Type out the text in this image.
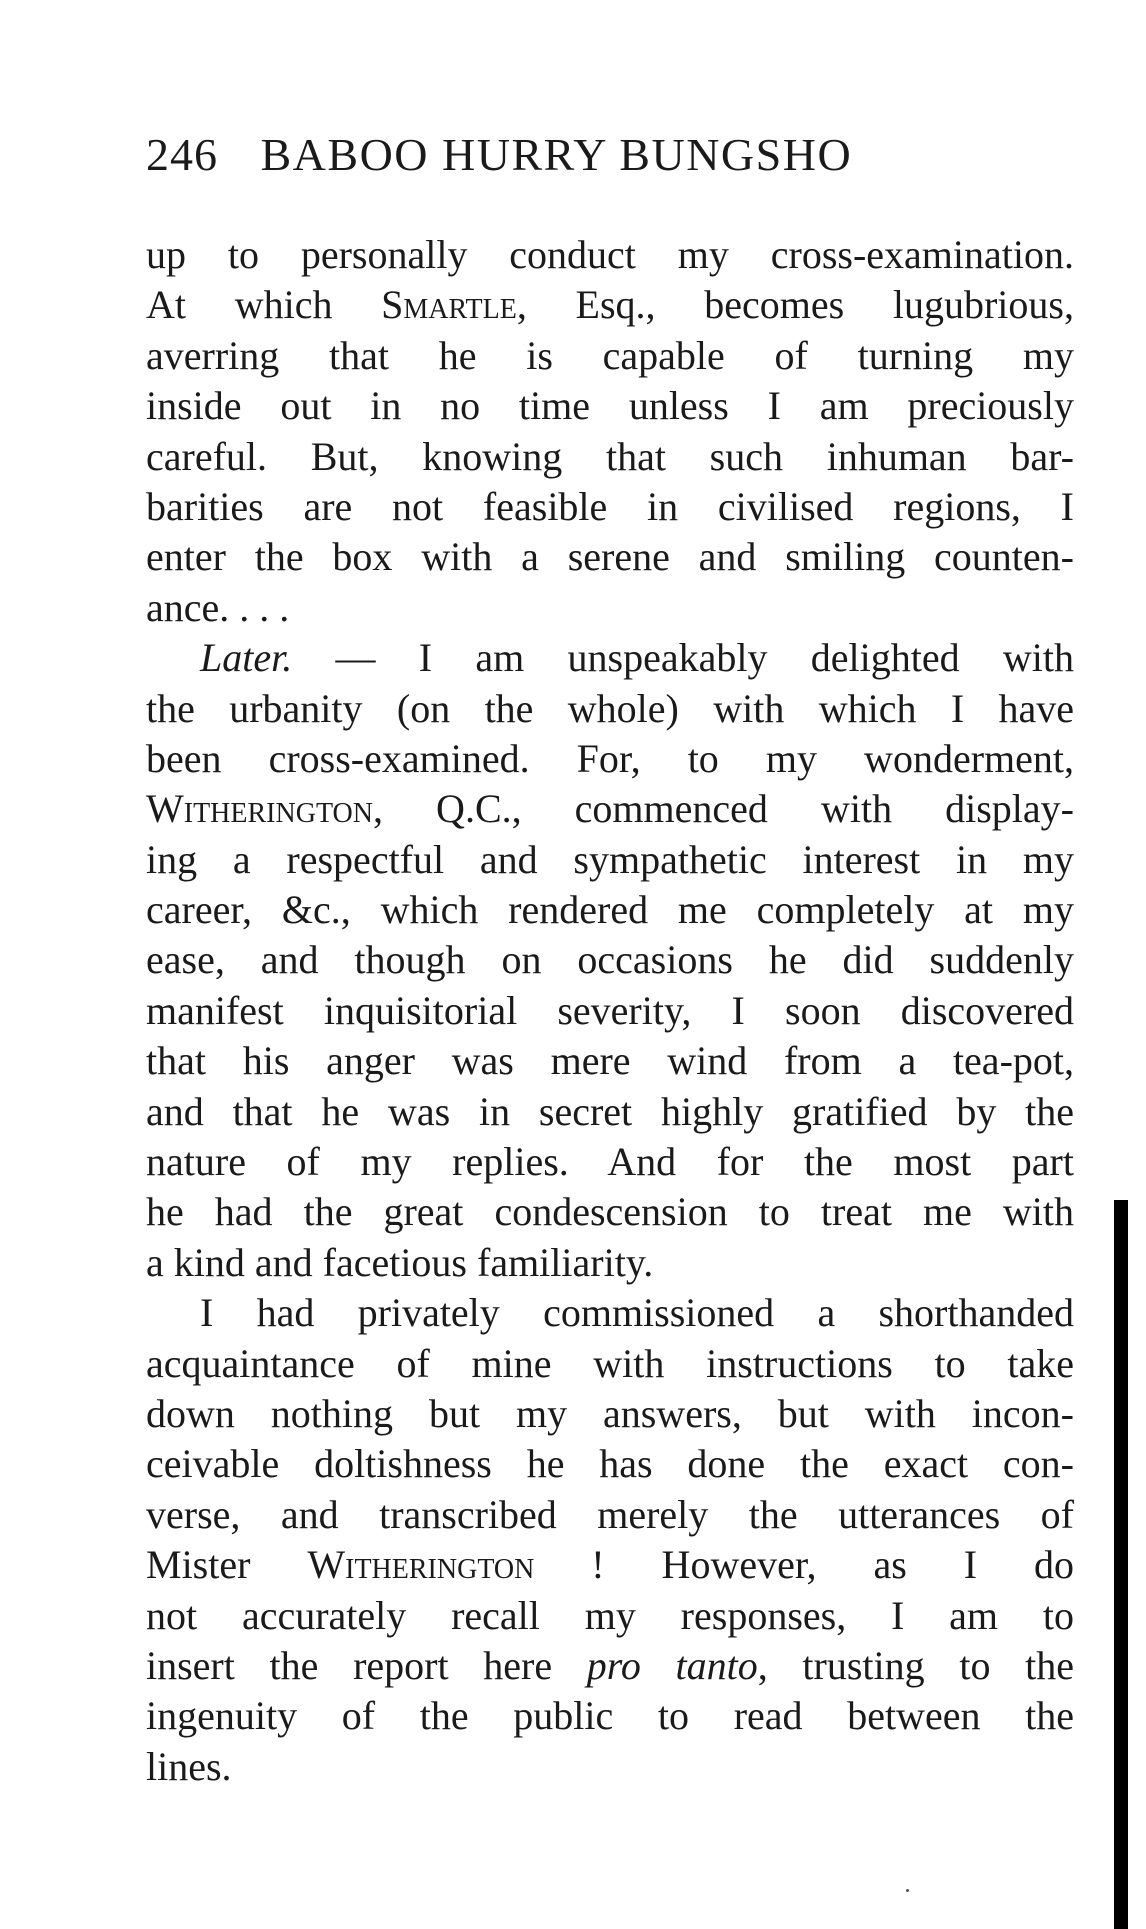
246 BABOO HURRY BUNGSHO
up to personally conduct my cross-examination.
At which Smartle, Esq., becomes lugubrious,
averring that he is capable of turning my
inside out in no time unless I am preciously
careful. But, knowing that such inhuman bar-
barities are not feasible in civilised regions, I
enter the box with a serene and smiling counten-
ance. . . .
Later. — I am unspeakably delighted with
the urbanity (on the whole) with which I have
been cross-examined. For, to my wonderment,
Witherington, Q.C., commenced with display-
ing a respectful and sympathetic interest in my
career, &c., which rendered me completely at my
ease, and though on occasions he did suddenly
manifest inquisitorial severity, I soon discovered
that his anger was mere wind from a tea-pot,
and that he was in secret highly gratified by the
nature of my replies. And for the most part
he had the great condescension to treat me with
a kind and facetious familiarity.
I had privately commissioned a shorthanded
acquaintance of mine with instructions to take
down nothing but my answers, but with incon-
ceivable doltishness he has done the exact con-
verse, and transcribed merely the utterances of
Mister Witherington ! However, as I do
not accurately recall my responses, I am to
insert the report here pro tanto, trusting to the
ingenuity of the public to read between the
lines.
